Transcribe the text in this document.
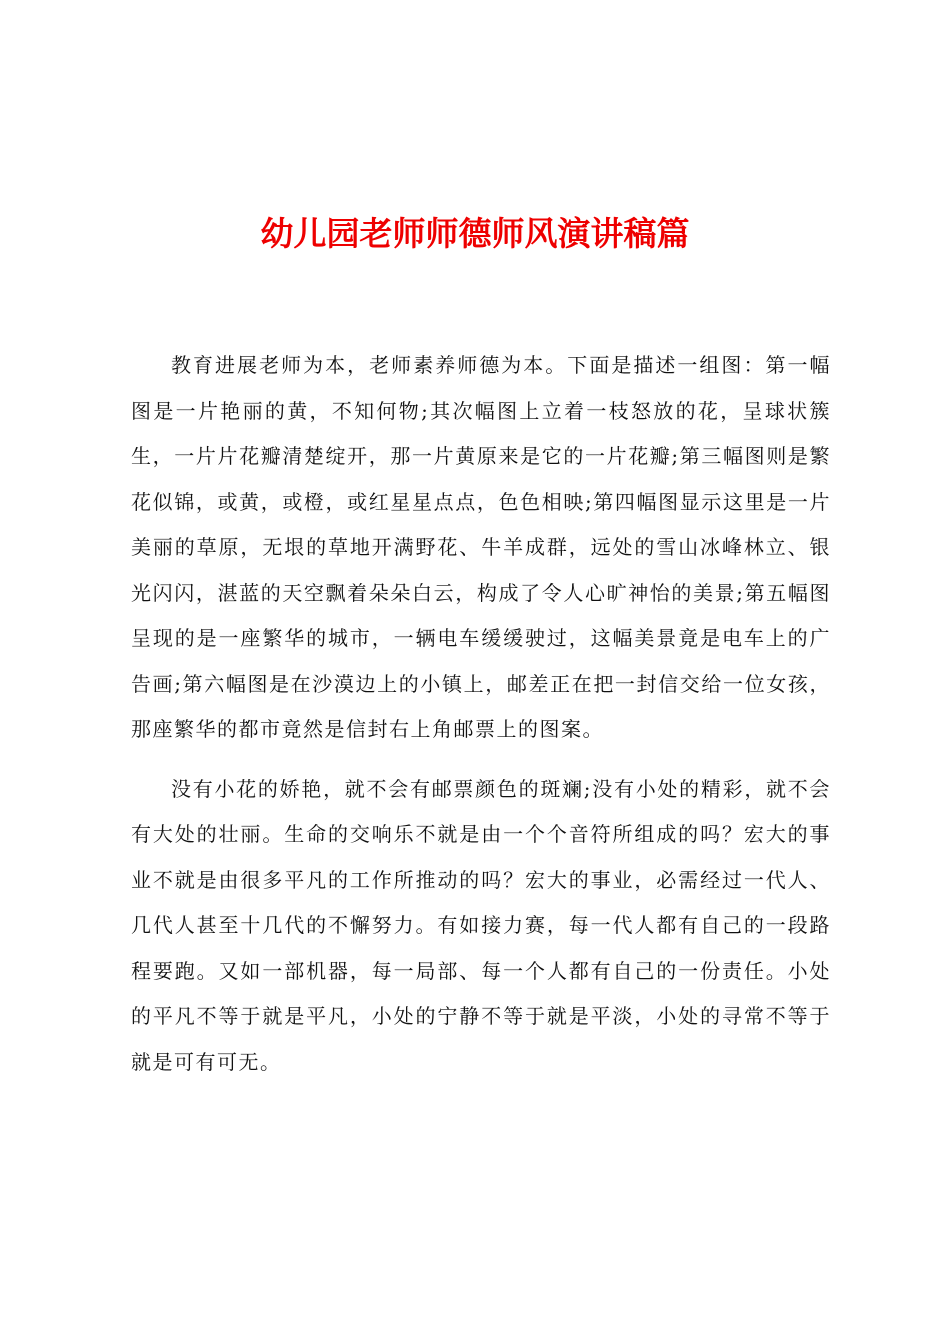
幼儿园老师师德师风演讲稿篇

教育进展老师为本，老师素养师德为本。下面是描述一组图：第一幅图是一片艳丽的黄，不知何物;其次幅图上立着一枝怒放的花，呈球状簇生，一片片花瓣清楚绽开，那一片黄原来是它的一片花瓣;第三幅图则是繁花似锦，或黄，或橙，或红星星点点，色色相映;第四幅图显示这里是一片美丽的草原，无垠的草地开满野花、牛羊成群，远处的雪山冰峰林立、银光闪闪，湛蓝的天空飘着朵朵白云，构成了令人心旷神怡的美景;第五幅图呈现的是一座繁华的城市，一辆电车缓缓驶过，这幅美景竟是电车上的广告画;第六幅图是在沙漠边上的小镇上，邮差正在把一封信交给一位女孩，那座繁华的都市竟然是信封右上角邮票上的图案。

没有小花的娇艳，就不会有邮票颜色的斑斓;没有小处的精彩，就不会有大处的壮丽。生命的交响乐不就是由一个个音符所组成的吗？宏大的事业不就是由很多平凡的工作所推动的吗？宏大的事业，必需经过一代人、几代人甚至十几代的不懈努力。有如接力赛，每一代人都有自己的一段路程要跑。又如一部机器，每一局部、每一个人都有自己的一份责任。小处的平凡不等于就是平凡，小处的宁静不等于就是平淡，小处的寻常不等于就是可有可无。
